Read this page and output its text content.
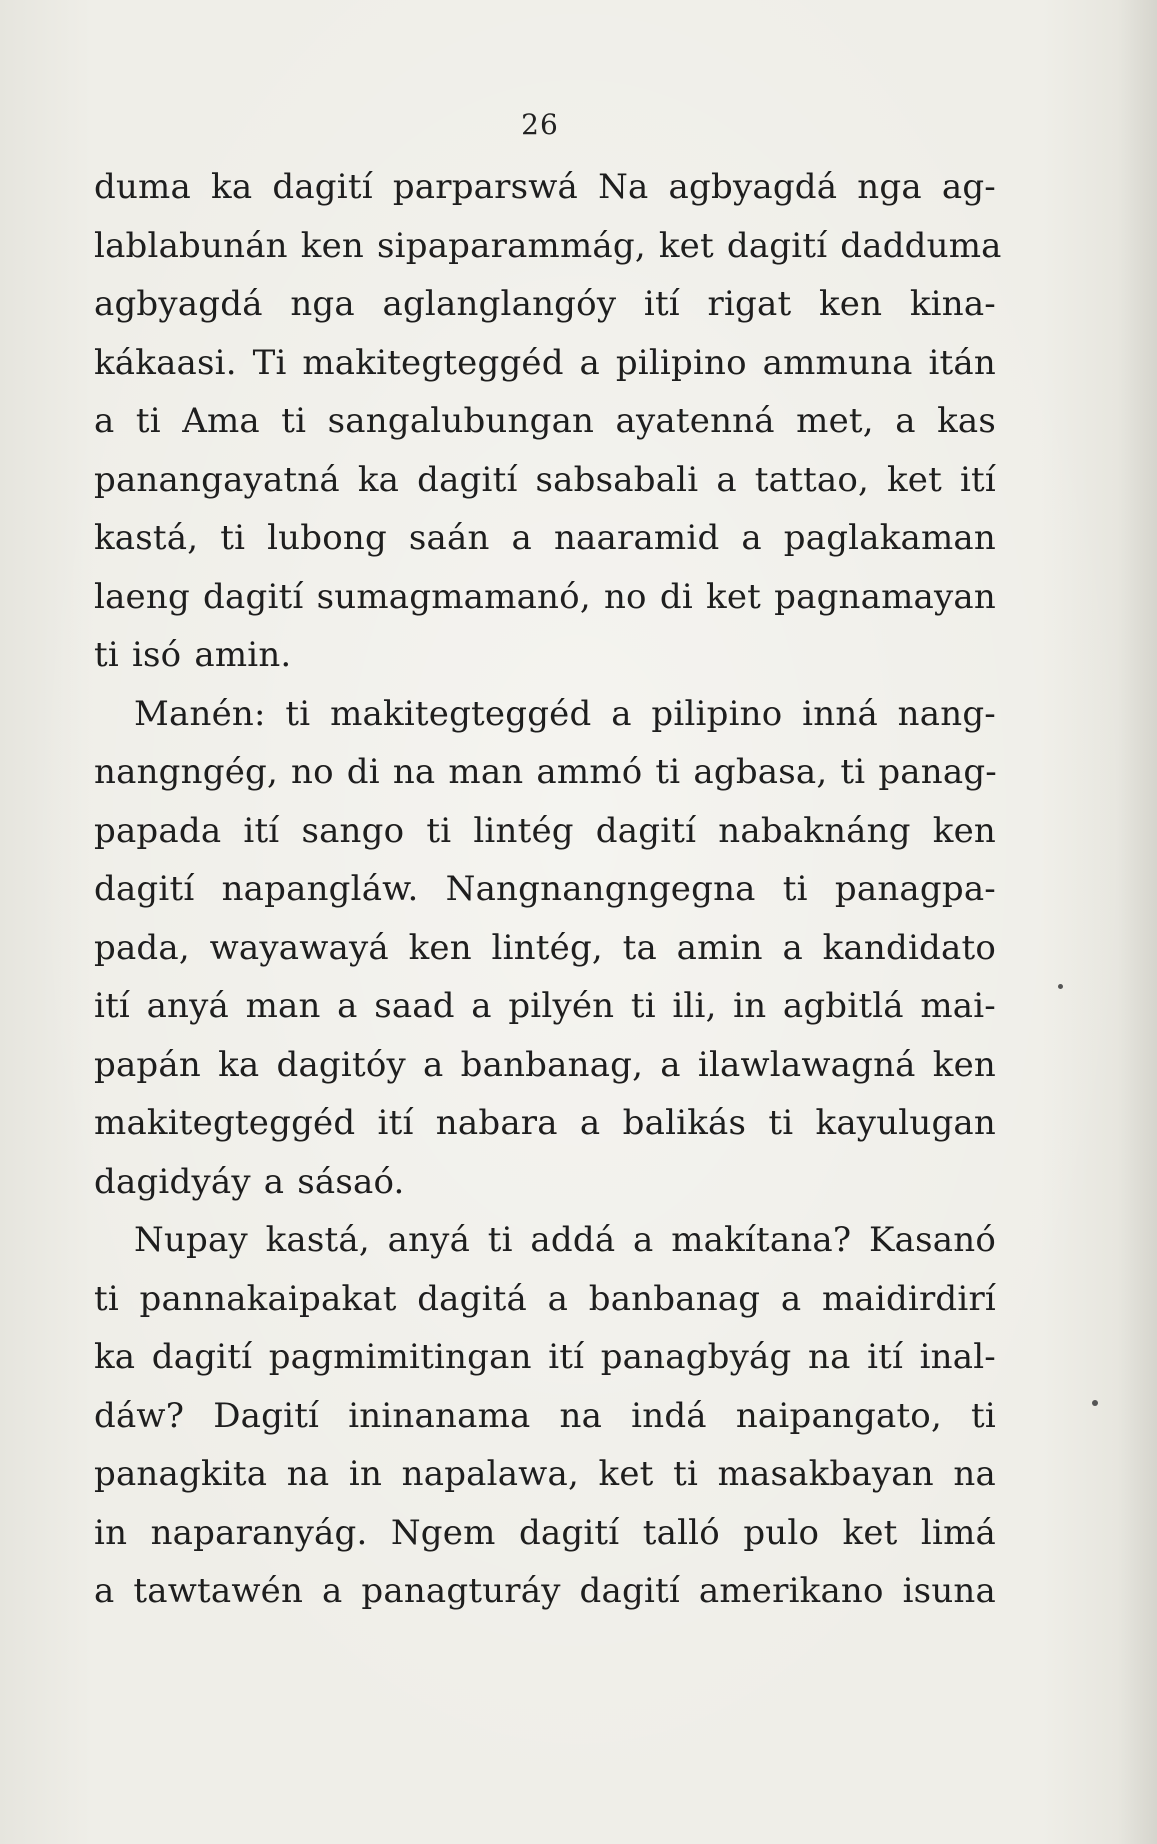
26
duma ka dagití parparswá Na agbyagdá nga ag-
lablabunán ken sipaparammág, ket dagití dadduma
agbyagdá nga aglanglangóy ití rigat ken kina-
kákaasi. Ti makitegteggéd a pilipino ammuna itán
a ti Ama ti sangalubungan ayatenná met, a kas
panangayatná ka dagití sabsabali a tattao, ket ití
kastá, ti lubong saán a naaramid a paglakaman
laeng dagití sumagmamanó, no di ket pagnamayan
ti isó amin.
Manén: ti makitegteggéd a pilipino inná nang-
nangngég, no di na man ammó ti agbasa, ti panag-
papada ití sango ti lintég dagití nabaknáng ken
dagití napangláw. Nangnangngegna ti panagpa-
pada, wayawayá ken lintég, ta amin a kandidato
ití anyá man a saad a pilyén ti ili, in agbitlá mai-
papán ka dagitóy a banbanag, a ilawlawagná ken
makitegteggéd ití nabara a balikás ti kayulugan
dagidyáy a sásaó.
Nupay kastá, anyá ti addá a makítana? Kasanó
ti pannakaipakat dagitá a banbanag a maidirdirí
ka dagití pagmimitingan ití panagbyág na ití inal-
dáw? Dagití ininanama na indá naipangato, ti
panagkita na in napalawa, ket ti masakbayan na
in naparanyág. Ngem dagití talló pulo ket limá
a tawtawén a panagturáy dagití amerikano isuna
